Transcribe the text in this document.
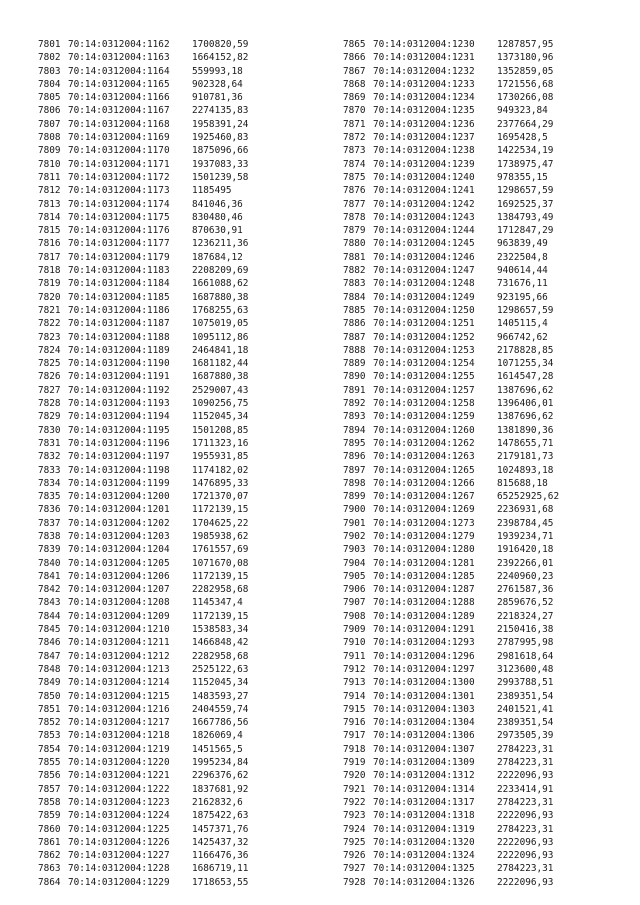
7801 70:14:0312004:1162	1700820,59
7802 70:14:0312004:1163	1664152,82
7803 70:14:0312004:1164	559993,18
7804 70:14:0312004:1165	902328,64
7805 70:14:0312004:1166	910781,36
7806 70:14:0312004:1167	2274135,83
7807 70:14:0312004:1168	1958391,24
7808 70:14:0312004:1169	1925460,83
7809 70:14:0312004:1170	1875096,66
7810 70:14:0312004:1171	1937083,33
7811 70:14:0312004:1172	1501239,58
7812 70:14:0312004:1173	1185495
7813 70:14:0312004:1174	841046,36
7814 70:14:0312004:1175	830480,46
7815 70:14:0312004:1176	870630,91
7816 70:14:0312004:1177	1236211,36
7817 70:14:0312004:1179	187684,12
7818 70:14:0312004:1183	2208209,69
7819 70:14:0312004:1184	1661088,62
7820 70:14:0312004:1185	1687880,38
7821 70:14:0312004:1186	1768255,63
7822 70:14:0312004:1187	1075019,05
7823 70:14:0312004:1188	1095112,86
7824 70:14:0312004:1189	2464841,18
7825 70:14:0312004:1190	1681182,44
7826 70:14:0312004:1191	1687880,38
7827 70:14:0312004:1192	2529007,43
7828 70:14:0312004:1193	1090256,75
7829 70:14:0312004:1194	1152045,34
7830 70:14:0312004:1195	1501208,85
7831 70:14:0312004:1196	1711323,16
7832 70:14:0312004:1197	1955931,85
7833 70:14:0312004:1198	1174182,02
7834 70:14:0312004:1199	1476895,33
7835 70:14:0312004:1200	1721370,07
7836 70:14:0312004:1201	1172139,15
7837 70:14:0312004:1202	1704625,22
7838 70:14:0312004:1203	1985938,62
7839 70:14:0312004:1204	1761557,69
7840 70:14:0312004:1205	1071670,08
7841 70:14:0312004:1206	1172139,15
7842 70:14:0312004:1207	2282958,68
7843 70:14:0312004:1208	1145347,4
7844 70:14:0312004:1209	1172139,15
7845 70:14:0312004:1210	1538583,34
7846 70:14:0312004:1211	1466848,42
7847 70:14:0312004:1212	2282958,68
7848 70:14:0312004:1213	2525122,63
7849 70:14:0312004:1214	1152045,34
7850 70:14:0312004:1215	1483593,27
7851 70:14:0312004:1216	2404559,74
7852 70:14:0312004:1217	1667786,56
7853 70:14:0312004:1218	1826069,4
7854 70:14:0312004:1219	1451565,5
7855 70:14:0312004:1220	1995234,84
7856 70:14:0312004:1221	2296376,62
7857 70:14:0312004:1222	1837681,92
7858 70:14:0312004:1223	2162832,6
7859 70:14:0312004:1224	1875422,63
7860 70:14:0312004:1225	1457371,76
7861 70:14:0312004:1226	1425437,32
7862 70:14:0312004:1227	1166476,36
7863 70:14:0312004:1228	1686719,11
7864 70:14:0312004:1229	1718653,55
7865 70:14:0312004:1230	1287857,95
7866 70:14:0312004:1231	1373180,96
7867 70:14:0312004:1232	1352859,05
7868 70:14:0312004:1233	1721556,68
7869 70:14:0312004:1234	1730266,08
7870 70:14:0312004:1235	949323,84
7871 70:14:0312004:1236	2377664,29
7872 70:14:0312004:1237	1695428,5
7873 70:14:0312004:1238	1422534,19
7874 70:14:0312004:1239	1738975,47
7875 70:14:0312004:1240	978355,15
7876 70:14:0312004:1241	1298657,59
7877 70:14:0312004:1242	1692525,37
7878 70:14:0312004:1243	1384793,49
7879 70:14:0312004:1244	1712847,29
7880 70:14:0312004:1245	963839,49
7881 70:14:0312004:1246	2322504,8
7882 70:14:0312004:1247	940614,44
7883 70:14:0312004:1248	731676,11
7884 70:14:0312004:1249	923195,66
7885 70:14:0312004:1250	1298657,59
7886 70:14:0312004:1251	1405115,4
7887 70:14:0312004:1252	966742,62
7888 70:14:0312004:1253	2178828,85
7889 70:14:0312004:1254	1071255,34
7890 70:14:0312004:1255	1614547,28
7891 70:14:0312004:1257	1387696,62
7892 70:14:0312004:1258	1396406,01
7893 70:14:0312004:1259	1387696,62
7894 70:14:0312004:1260	1381890,36
7895 70:14:0312004:1262	1478655,71
7896 70:14:0312004:1263	2179181,73
7897 70:14:0312004:1265	1024893,18
7898 70:14:0312004:1266	815688,18
7899 70:14:0312004:1267	65252925,62
7900 70:14:0312004:1269	2236931,68
7901 70:14:0312004:1273	2398784,45
7902 70:14:0312004:1279	1939234,71
7903 70:14:0312004:1280	1916420,18
7904 70:14:0312004:1281	2392266,01
7905 70:14:0312004:1285	2240960,23
7906 70:14:0312004:1287	2761587,36
7907 70:14:0312004:1288	2859676,52
7908 70:14:0312004:1289	2218324,27
7909 70:14:0312004:1291	2150416,38
7910 70:14:0312004:1293	2787995,98
7911 70:14:0312004:1296	2981618,64
7912 70:14:0312004:1297	3123600,48
7913 70:14:0312004:1300	2993788,51
7914 70:14:0312004:1301	2389351,54
7915 70:14:0312004:1303	2401521,41
7916 70:14:0312004:1304	2389351,54
7917 70:14:0312004:1306	2973505,39
7918 70:14:0312004:1307	2784223,31
7919 70:14:0312004:1309	2784223,31
7920 70:14:0312004:1312	2222096,93
7921 70:14:0312004:1314	2233414,91
7922 70:14:0312004:1317	2784223,31
7923 70:14:0312004:1318	2222096,93
7924 70:14:0312004:1319	2784223,31
7925 70:14:0312004:1320	2222096,93
7926 70:14:0312004:1324	2222096,93
7927 70:14:0312004:1325	2784223,31
7928 70:14:0312004:1326	2222096,93
